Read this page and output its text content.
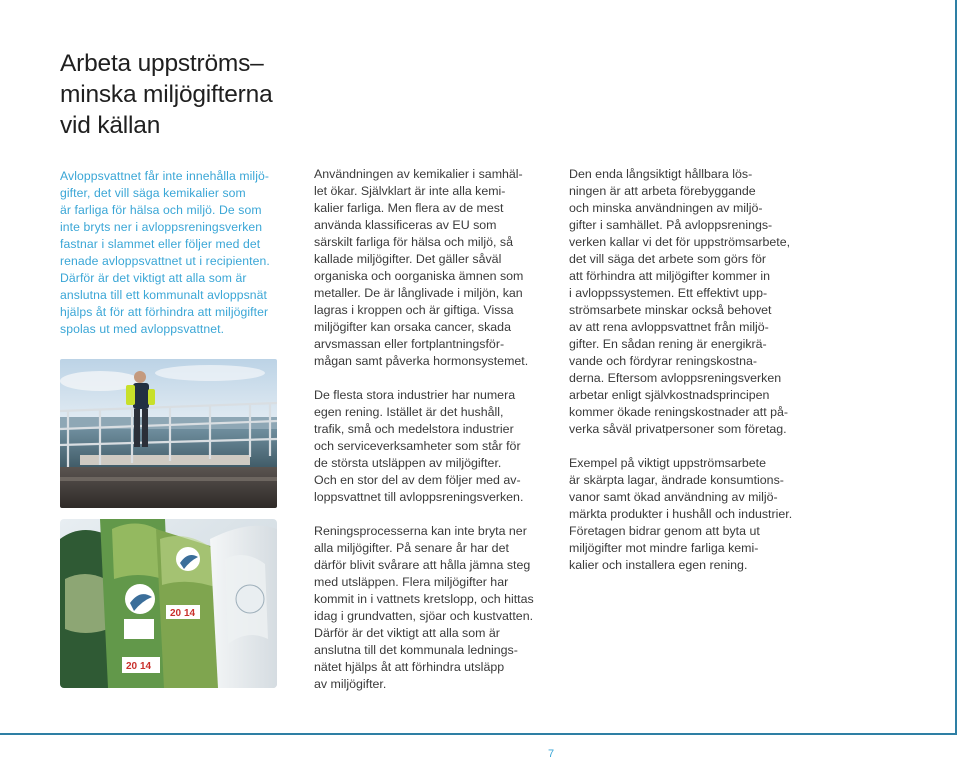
Arbeta uppströms–
minska miljögifterna
vid källan
Avloppsvattnet får inte innehålla miljö-
gifter, det vill säga kemikalier som
är farliga för hälsa och miljö. De som
inte bryts ner i avloppsreningsverken
fastnar i slammet eller följer med det
renade avloppsvattnet ut i recipienten.
Därför är det viktigt att alla som är
anslutna till ett kommunalt avloppsnät
hjälps åt för att förhindra att miljögifter
spolas ut med avloppsvattnet.
20 14
20 14
Användningen av kemikalier i samhäl-
let ökar. Självklart är inte alla kemi-
kalier farliga. Men flera av de mest
använda klassificeras av EU som
särskilt farliga för hälsa och miljö, så
kallade miljögifter. Det gäller såväl
organiska och oorganiska ämnen som
metaller. De är långlivade i miljön, kan
lagras i kroppen och är giftiga. Vissa
miljögifter kan orsaka cancer, skada
arvsmassan eller fortplantningsför-
mågan samt påverka hormonsystemet.
De flesta stora industrier har numera
egen rening. Istället är det hushåll,
trafik, små och medelstora industrier
och serviceverksamheter som står för
de största utsläppen av miljögifter.
Och en stor del av dem följer med av-
loppsvattnet till avloppsreningsverken.
Reningsprocesserna kan inte bryta ner
alla miljögifter. På senare år har det
därför blivit svårare att hålla jämna steg
med utsläppen. Flera miljögifter har
kommit in i vattnets kretslopp, och hittas
idag i grundvatten, sjöar och kustvatten.
Därför är det viktigt att alla som är
anslutna till det kommunala lednings-
nätet hjälps åt att förhindra utsläpp
av miljögifter.
Den enda långsiktigt hållbara lös-
ningen är att arbeta förebyggande
och minska användningen av miljö-
gifter i samhället. På avloppsrenings-
verken kallar vi det för uppströmsarbete,
det vill säga det arbete som görs för
att förhindra att miljögifter kommer in
i avloppssystemen. Ett effektivt upp-
strömsarbete minskar också behovet
av att rena avloppsvattnet från miljö-
gifter. En sådan rening är energikrä-
vande och fördyrar reningskostna-
derna. Eftersom avloppsreningsverken
arbetar enligt självkostnadsprincipen
kommer ökade reningskostnader att på-
verka såväl privatpersoner som företag.
Exempel på viktigt uppströmsarbete
är skärpta lagar, ändrade konsumtions-
vanor samt ökad användning av miljö-
märkta produkter i hushåll och industrier.
Företagen bidrar genom att byta ut
miljögifter mot mindre farliga kemi-
kalier och installera egen rening.
7
